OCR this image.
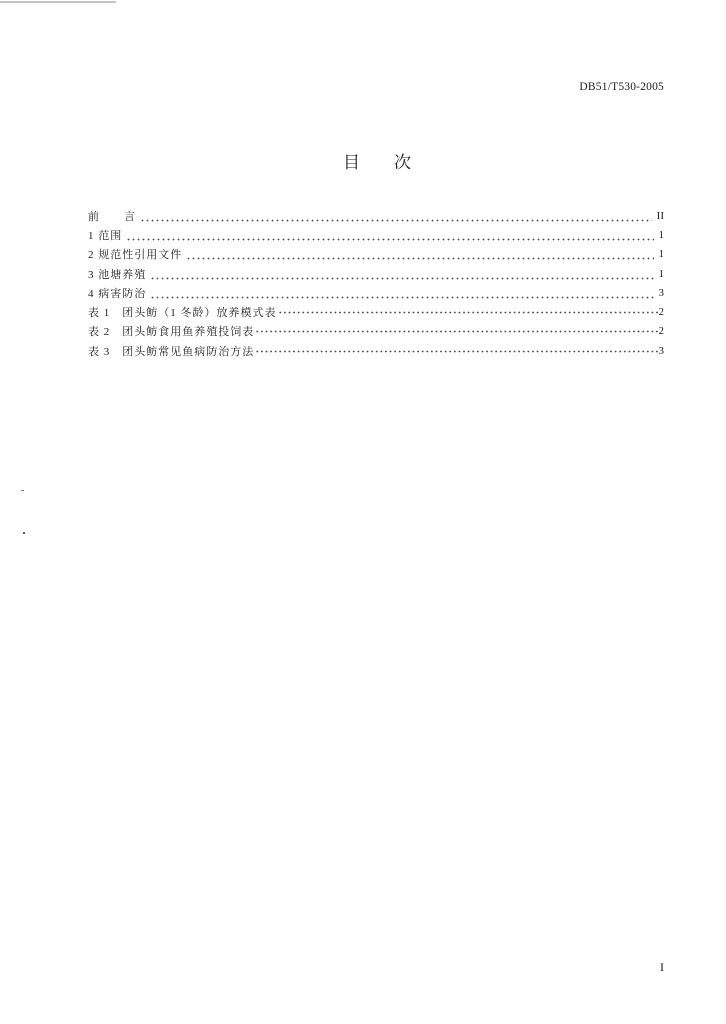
DB51/T530-2005
目　　次
前　　言	II
1 范围	1
2 规范性引用文件	1
3 池塘养殖	1
4 病害防治	3
表 1　团头鲂（1 冬龄）放养模式表	2
表 2　团头鲂食用鱼养殖投饲表	2
表 3　团头鲂常见鱼病防治方法	3
I
